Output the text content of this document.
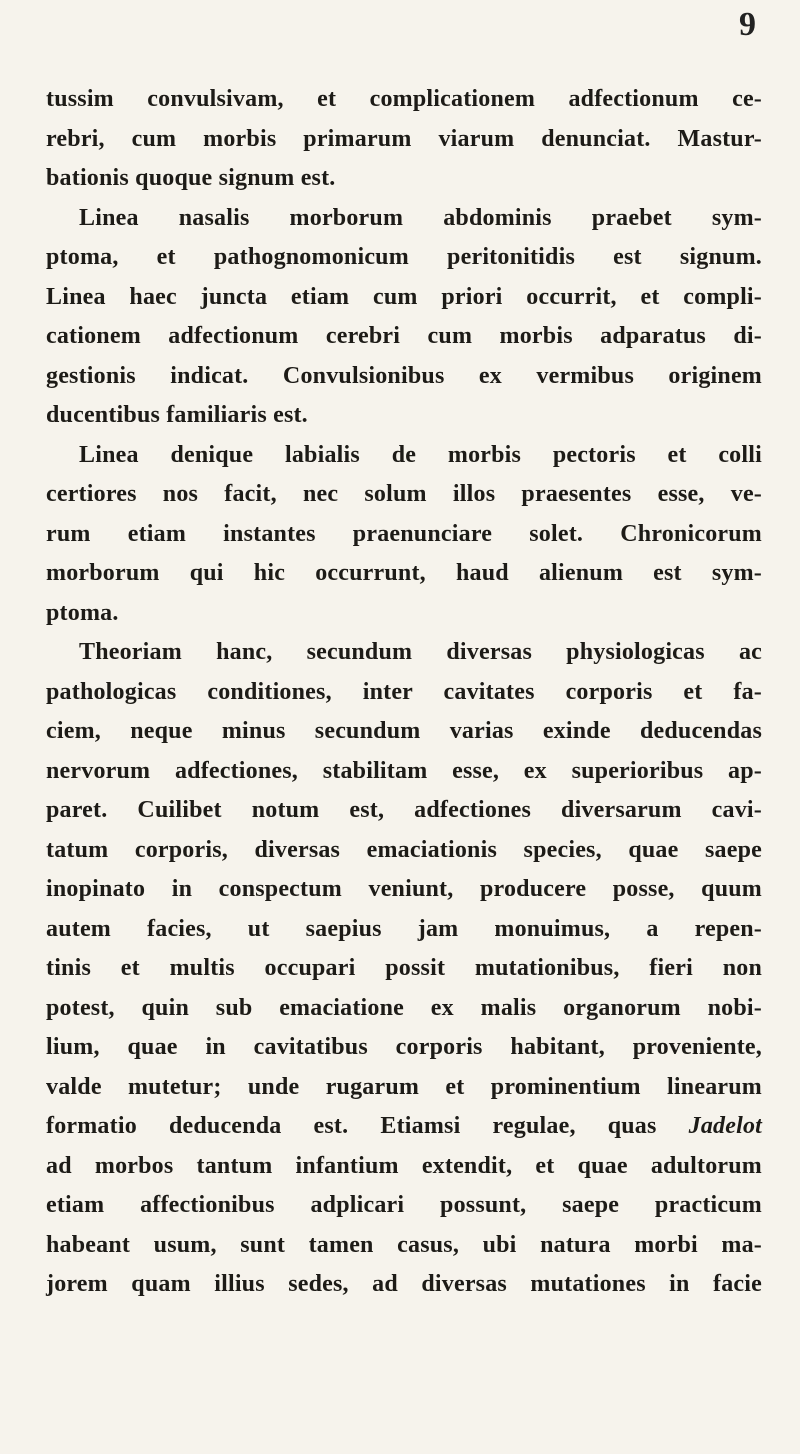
9
tussim convulsivam, et complicationem adfectionum ce-
rebri, cum morbis primarum viarum denunciat. Mastur-
bationis quoque signum est.
Linea nasalis morborum abdominis praebet sym-
ptoma, et pathognomonicum peritonitidis est signum.
Linea haec juncta etiam cum priori occurrit, et compli-
cationem adfectionum cerebri cum morbis adparatus di-
gestionis indicat. Convulsionibus ex vermibus originem
ducentibus familiaris est.
Linea denique labialis de morbis pectoris et colli
certiores nos facit, nec solum illos praesentes esse, ve-
rum etiam instantes praenunciare solet. Chronicorum
morborum qui hic occurrunt, haud alienum est sym-
ptoma.
Theoriam hanc, secundum diversas physiologicas ac
pathologicas conditiones, inter cavitates corporis et fa-
ciem, neque minus secundum varias exinde deducendas
nervorum adfectiones, stabilitam esse, ex superioribus ap-
paret. Cuilibet notum est, adfectiones diversarum cavi-
tatum corporis, diversas emaciationis species, quae saepe
inopinato in conspectum veniunt, producere posse, quum
autem facies, ut saepius jam monuimus, a repen-
tinis et multis occupari possit mutationibus, fieri non
potest, quin sub emaciatione ex malis organorum nobi-
lium, quae in cavitatibus corporis habitant, proveniente,
valde mutetur; unde rugarum et prominentium linearum
formatio deducenda est. Etiamsi regulae, quas Jadelot
ad morbos tantum infantium extendit, et quae adultorum
etiam affectionibus adplicari possunt, saepe practicum
habeant usum, sunt tamen casus, ubi natura morbi ma-
jorem quam illius sedes, ad diversas mutationes in facie
